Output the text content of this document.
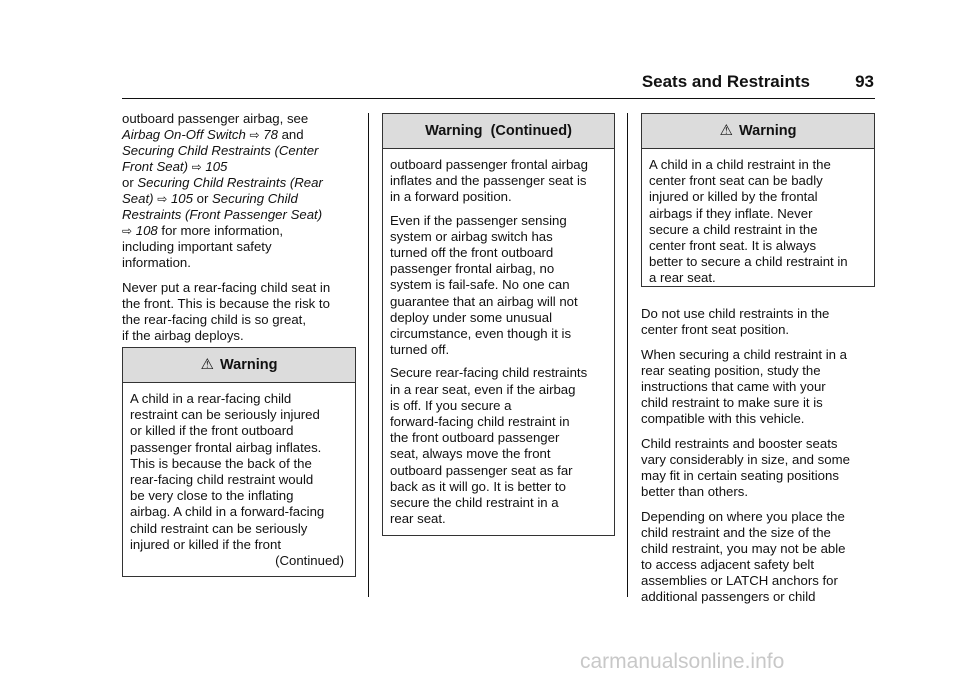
Seats and Restraints	93

outboard passenger airbag, see
Airbag On-Off Switch ⇨ 78 and
Securing Child Restraints (Center
Front Seat) ⇨ 105
or Securing Child Restraints (Rear
Seat) ⇨ 105 or Securing Child
Restraints (Front Passenger Seat)
⇨ 108 for more information,
including important safety
information.

Never put a rear-facing child seat in
the front. This is because the risk to
the rear-facing child is so great,
if the airbag deploys.

⚠ Warning
A child in a rear-facing child
restraint can be seriously injured
or killed if the front outboard
passenger frontal airbag inflates.
This is because the back of the
rear-facing child restraint would
be very close to the inflating
airbag. A child in a forward-facing
child restraint can be seriously
injured or killed if the front
(Continued)
Warning  (Continued)

outboard passenger frontal airbag
inflates and the passenger seat is
in a forward position.

Even if the passenger sensing
system or airbag switch has
turned off the front outboard
passenger frontal airbag, no
system is fail-safe. No one can
guarantee that an airbag will not
deploy under some unusual
circumstance, even though it is
turned off.

Secure rear-facing child restraints
in a rear seat, even if the airbag
is off. If you secure a
forward-facing child restraint in
the front outboard passenger
seat, always move the front
outboard passenger seat as far
back as it will go. It is better to
secure the child restraint in a
rear seat.

⚠ Warning
A child in a child restraint in the
center front seat can be badly
injured or killed by the frontal
airbags if they inflate. Never
secure a child restraint in the
center front seat. It is always
better to secure a child restraint in
a rear seat.

Do not use child restraints in the
center front seat position.

When securing a child restraint in a
rear seating position, study the
instructions that came with your
child restraint to make sure it is
compatible with this vehicle.

Child restraints and booster seats
vary considerably in size, and some
may fit in certain seating positions
better than others.

Depending on where you place the
child restraint and the size of the
child restraint, you may not be able
to access adjacent safety belt
assemblies or LATCH anchors for
additional passengers or child

carmanualsonline.info
